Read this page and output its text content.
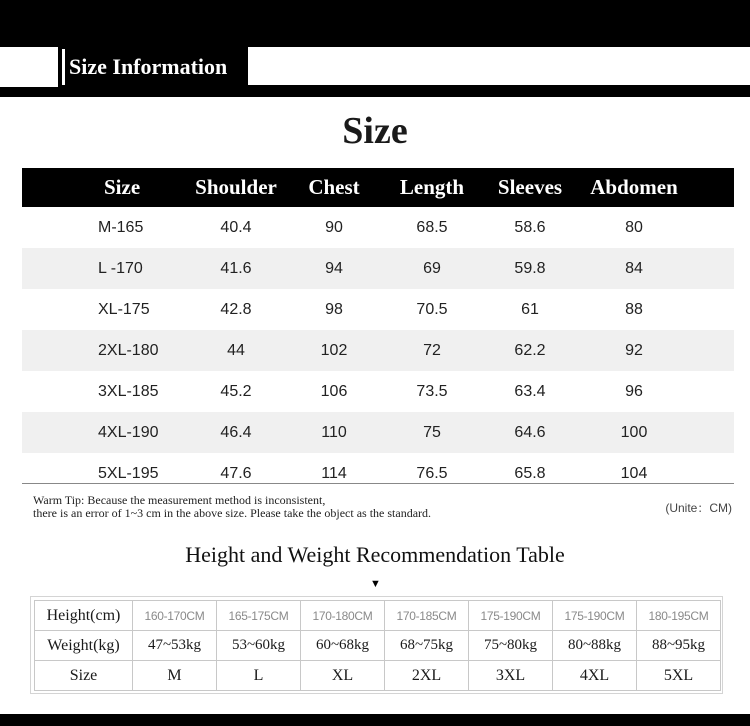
Size Information
Size
Size	Shoulder	Chest	Length	Sleeves	Abdomen
M-165	40.4	90	68.5	58.6	80
L -170	41.6	94	69	59.8	84
XL-175	42.8	98	70.5	61	88
2XL-180	44	102	72	62.2	92
3XL-185	45.2	106	73.5	63.4	96
4XL-190	46.4	110	75	64.6	100
5XL-195	47.6	114	76.5	65.8	104
Warm Tip: Because the measurement method is inconsistent,
there is an error of 1~3 cm in the above size. Please take the object as the standard.	(Unite：CM)
Height and Weight Recommendation Table
▼
Height(cm)	160-170CM	165-175CM	170-180CM	170-185CM	175-190CM	175-190CM	180-195CM
Weight(kg)	47~53kg	53~60kg	60~68kg	68~75kg	75~80kg	80~88kg	88~95kg
Size	M	L	XL	2XL	3XL	4XL	5XL
